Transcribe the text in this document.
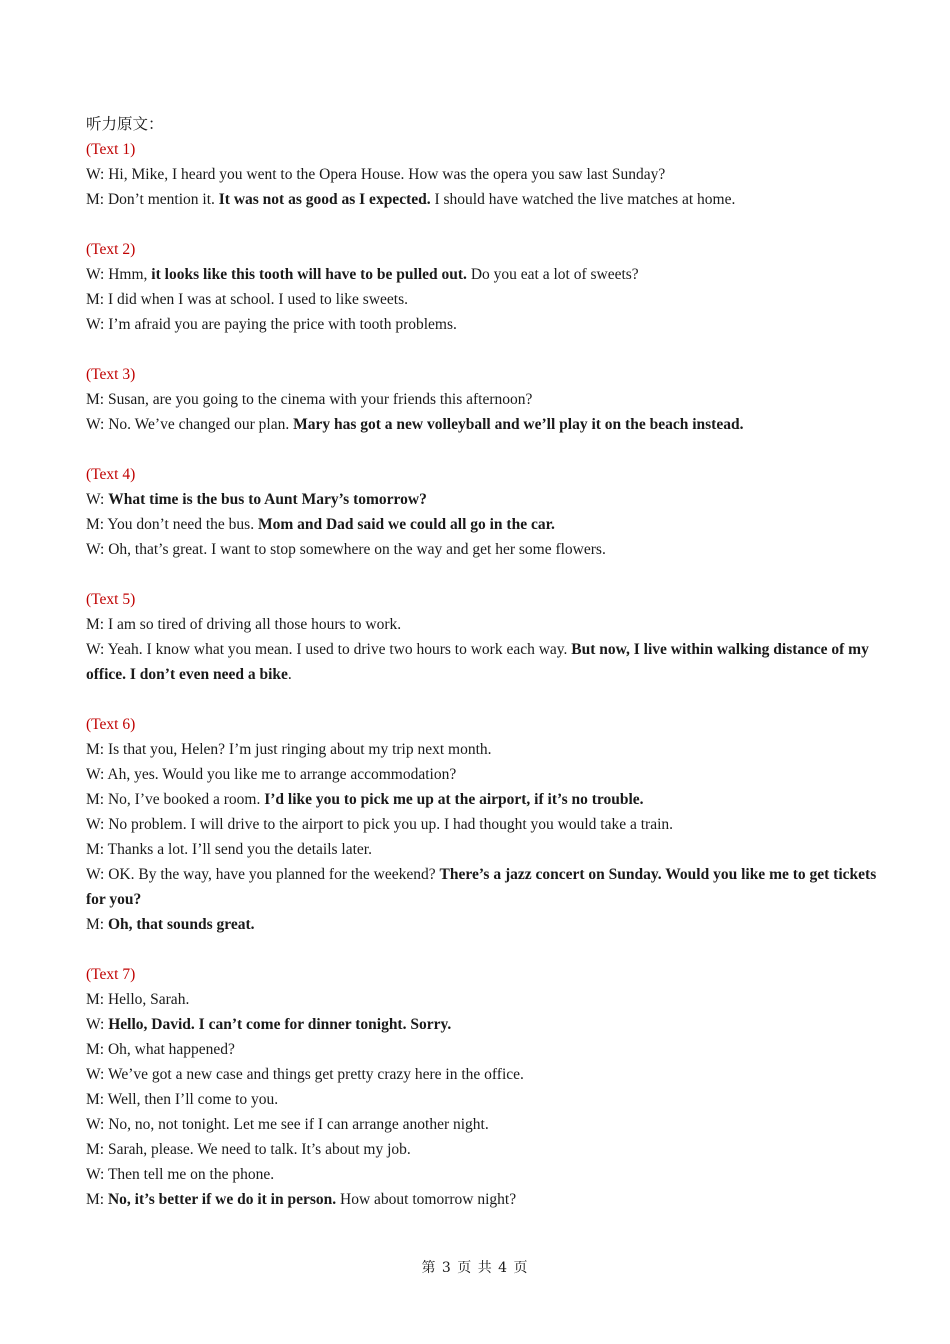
听力原文：
(Text 1)
W: Hi, Mike, I heard you went to the Opera House. How was the opera you saw last Sunday?
M: Don’t mention it. It was not as good as I expected. I should have watched the live matches at home.
(Text 2)
W: Hmm, it looks like this tooth will have to be pulled out. Do you eat a lot of sweets?
M: I did when I was at school. I used to like sweets.
W: I’m afraid you are paying the price with tooth problems.
(Text 3)
M: Susan, are you going to the cinema with your friends this afternoon?
W: No. We’ve changed our plan. Mary has got a new volleyball and we’ll play it on the beach instead.
(Text 4)
W: What time is the bus to Aunt Mary’s tomorrow?
M: You don’t need the bus. Mom and Dad said we could all go in the car.
W: Oh, that’s great. I want to stop somewhere on the way and get her some flowers.
(Text 5)
M: I am so tired of driving all those hours to work.
W: Yeah. I know what you mean. I used to drive two hours to work each way. But now, I live within walking distance of my office. I don’t even need a bike.
(Text 6)
M: Is that you, Helen? I’m just ringing about my trip next month.
W: Ah, yes. Would you like me to arrange accommodation?
M: No, I’ve booked a room. I’d like you to pick me up at the airport, if it’s no trouble.
W: No problem. I will drive to the airport to pick you up. I had thought you would take a train.
M: Thanks a lot. I’ll send you the details later.
W: OK. By the way, have you planned for the weekend? There’s a jazz concert on Sunday. Would you like me to get tickets for you?
M: Oh, that sounds great.
(Text 7)
M: Hello, Sarah.
W: Hello, David. I can’t come for dinner tonight. Sorry.
M: Oh, what happened?
W: We’ve got a new case and things get pretty crazy here in the office.
M: Well, then I’ll come to you.
W: No, no, not tonight. Let me see if I can arrange another night.
M: Sarah, please. We need to talk. It’s about my job.
W: Then tell me on the phone.
M: No, it’s better if we do it in person. How about tomorrow night?
第 3 页 共 4 页
